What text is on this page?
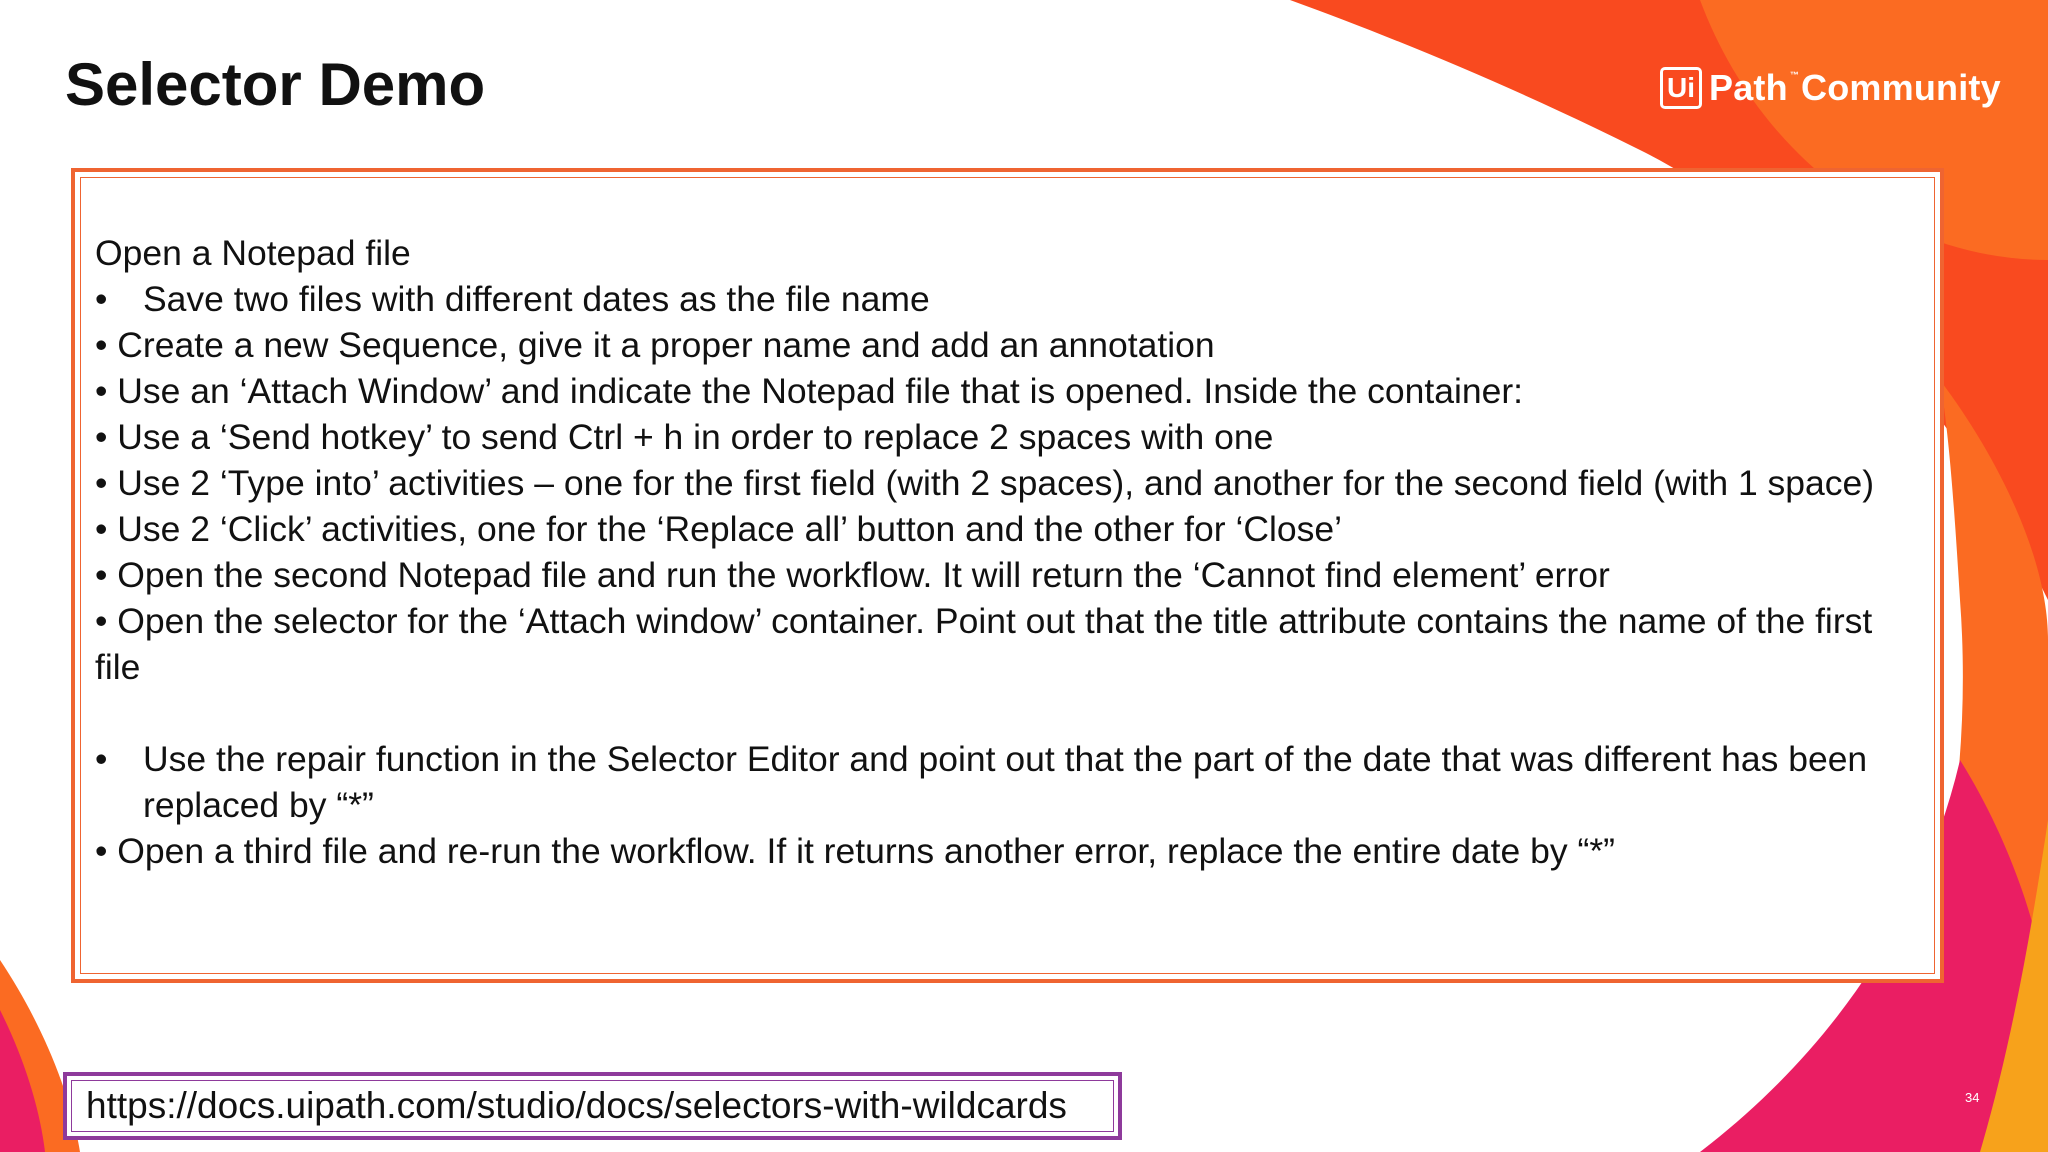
Selector Demo	Ui Path ™Community

Open a Notepad file

•	Save two files with different dates as the file name

• Create a new Sequence, give it a proper name and add an annotation

• Use an ‘Attach Window’ and indicate the Notepad file that is opened. Inside the container:

• Use a ‘Send hotkey’ to send Ctrl + h in order to replace 2 spaces with one

• Use 2 ‘Type into’ activities – one for the first field (with 2 spaces), and another for the second field (with 1 space)

• Use 2 ‘Click’ activities, one for the ‘Replace all’ button and the other for ‘Close’

• Open the second Notepad file and run the workflow. It will return the ‘Cannot find element’ error

• Open the selector for the ‘Attach window’ container. Point out that the title attribute contains the name of the first file

•	Use the repair function in the Selector Editor and point out that the part of the date that was different has been replaced by “*”

• Open a third file and re-run the workflow. If it returns another error, replace the entire date by “*”

https://docs.uipath.com/studio/docs/selectors-with-wildcards	34
